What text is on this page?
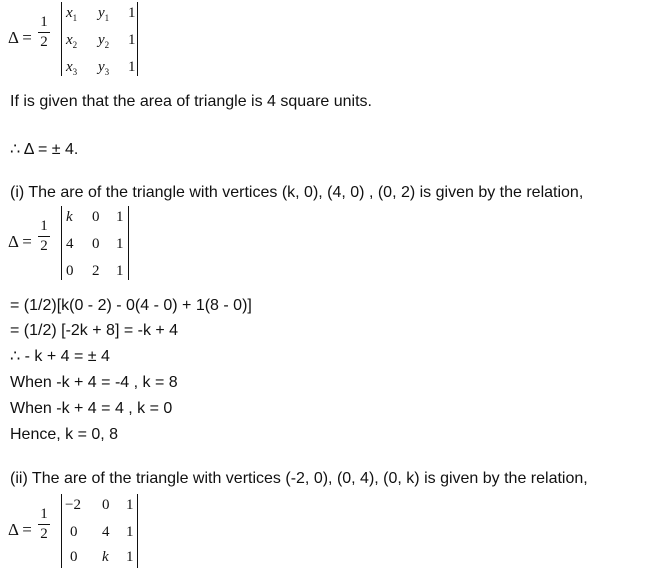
Δ =
1
2
$x_1$ $y_1$ 1
$x_2$ $y_2$ 1
$x_3$ $y_3$ 1
If is given that the area of triangle is 4 square units.
∴ Δ = ± 4.
(i) The are of the triangle with vertices (k, 0), (4, 0) , (0, 2) is given by the relation,
Δ =
1
2
k 0 1
4 0 1
0 2 1
= (1/2)[k(0 - 2) - 0(4 - 0) + 1(8 - 0)]
= (1/2) [-2k + 8] = -k + 4
∴ - k + 4 = ± 4
When -k + 4 = -4 , k = 8
When -k + 4 = 4 , k = 0
Hence, k = 0, 8
(ii) The are of the triangle with vertices (-2, 0), (0, 4), (0, k) is given by the relation,
Δ =
1
2
−2 0 1
0 4 1
0 k 1
